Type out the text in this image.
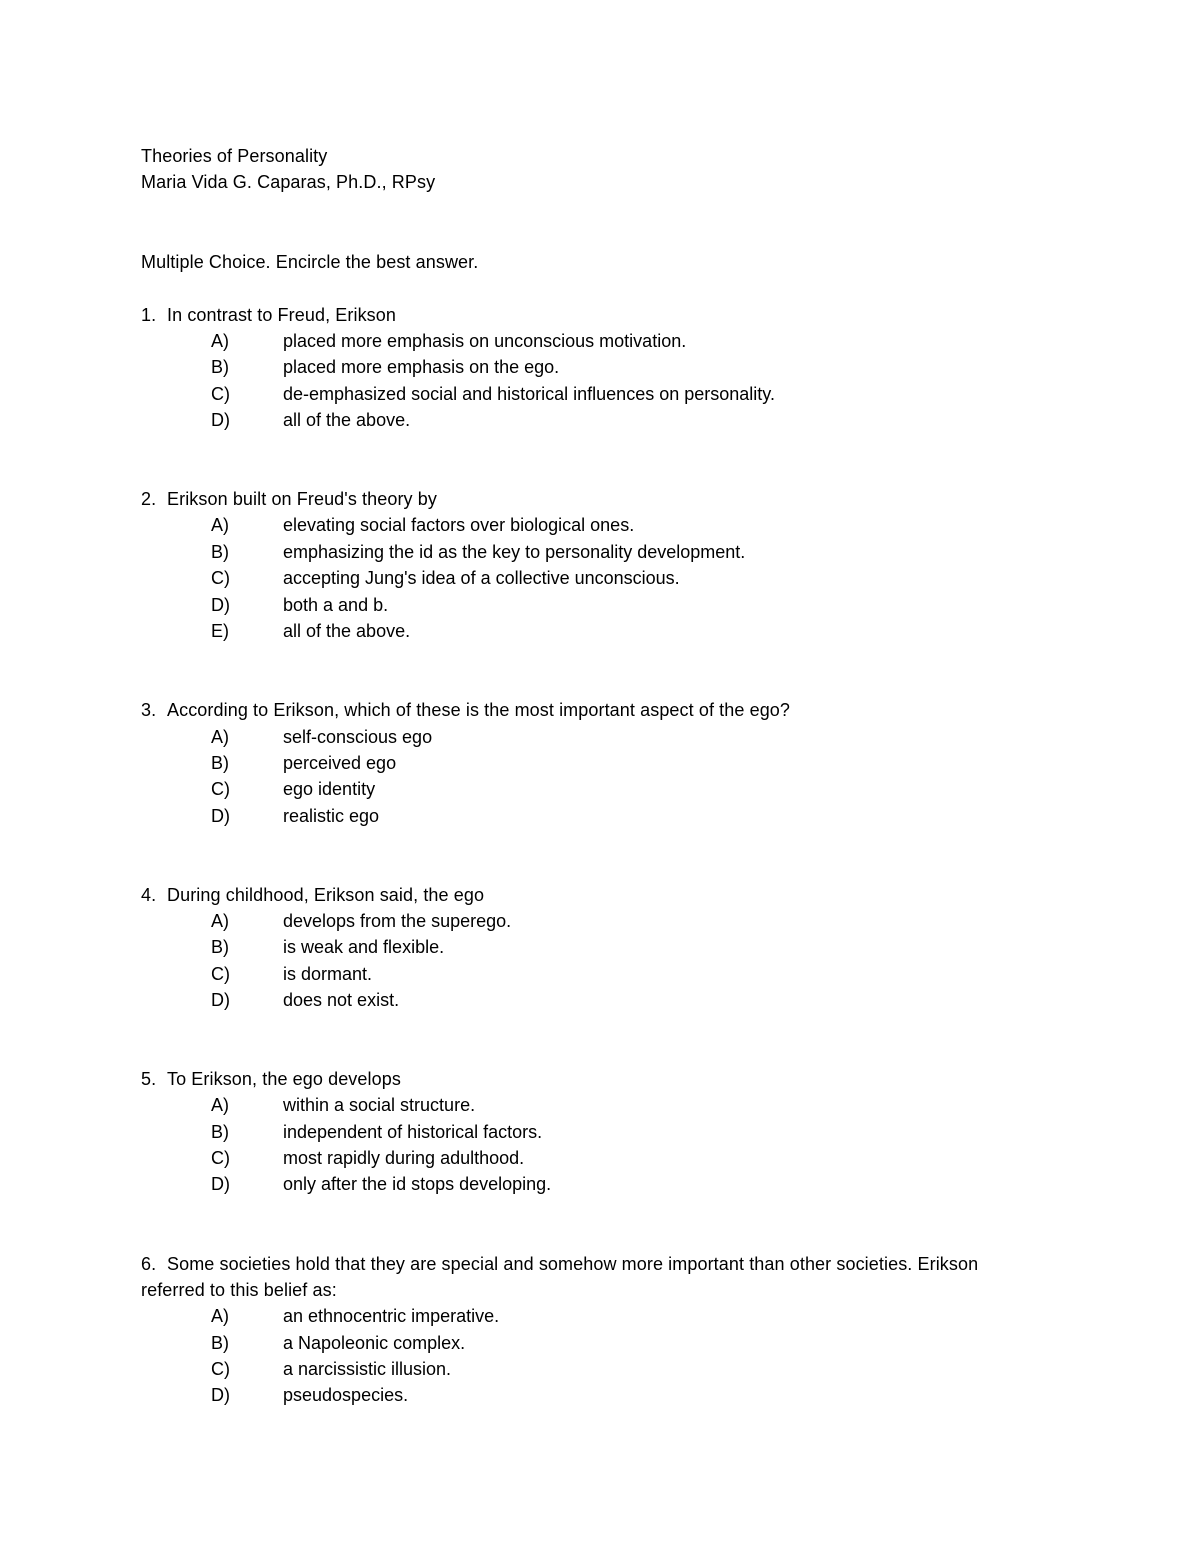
Theories of Personality
Maria Vida G. Caparas, Ph.D., RPsy
Multiple Choice. Encircle the best answer.
1. In contrast to Freud, Erikson
A)	placed more emphasis on unconscious motivation.
B)	placed more emphasis on the ego.
C)	de-emphasized social and historical influences on personality.
D)	all of the above.
2. Erikson built on Freud's theory by
A)	elevating social factors over biological ones.
B)	emphasizing the id as the key to personality development.
C)	accepting Jung's idea of a collective unconscious.
D)	both a and b.
E)	all of the above.
3. According to Erikson, which of these is the most important aspect of the ego?
A)	self-conscious ego
B)	perceived ego
C)	ego identity
D)	realistic ego
4. During childhood, Erikson said, the ego
A)	develops from the superego.
B)	is weak and flexible.
C)	is dormant.
D)	does not exist.
5. To Erikson, the ego develops
A)	within a social structure.
B)	independent of historical factors.
C)	most rapidly during adulthood.
D)	only after the id stops developing.
6. Some societies hold that they are special and somehow more important than other societies. Erikson
referred to this belief as:
A)	an ethnocentric imperative.
B)	a Napoleonic complex.
C)	a narcissistic illusion.
D)	pseudospecies.
